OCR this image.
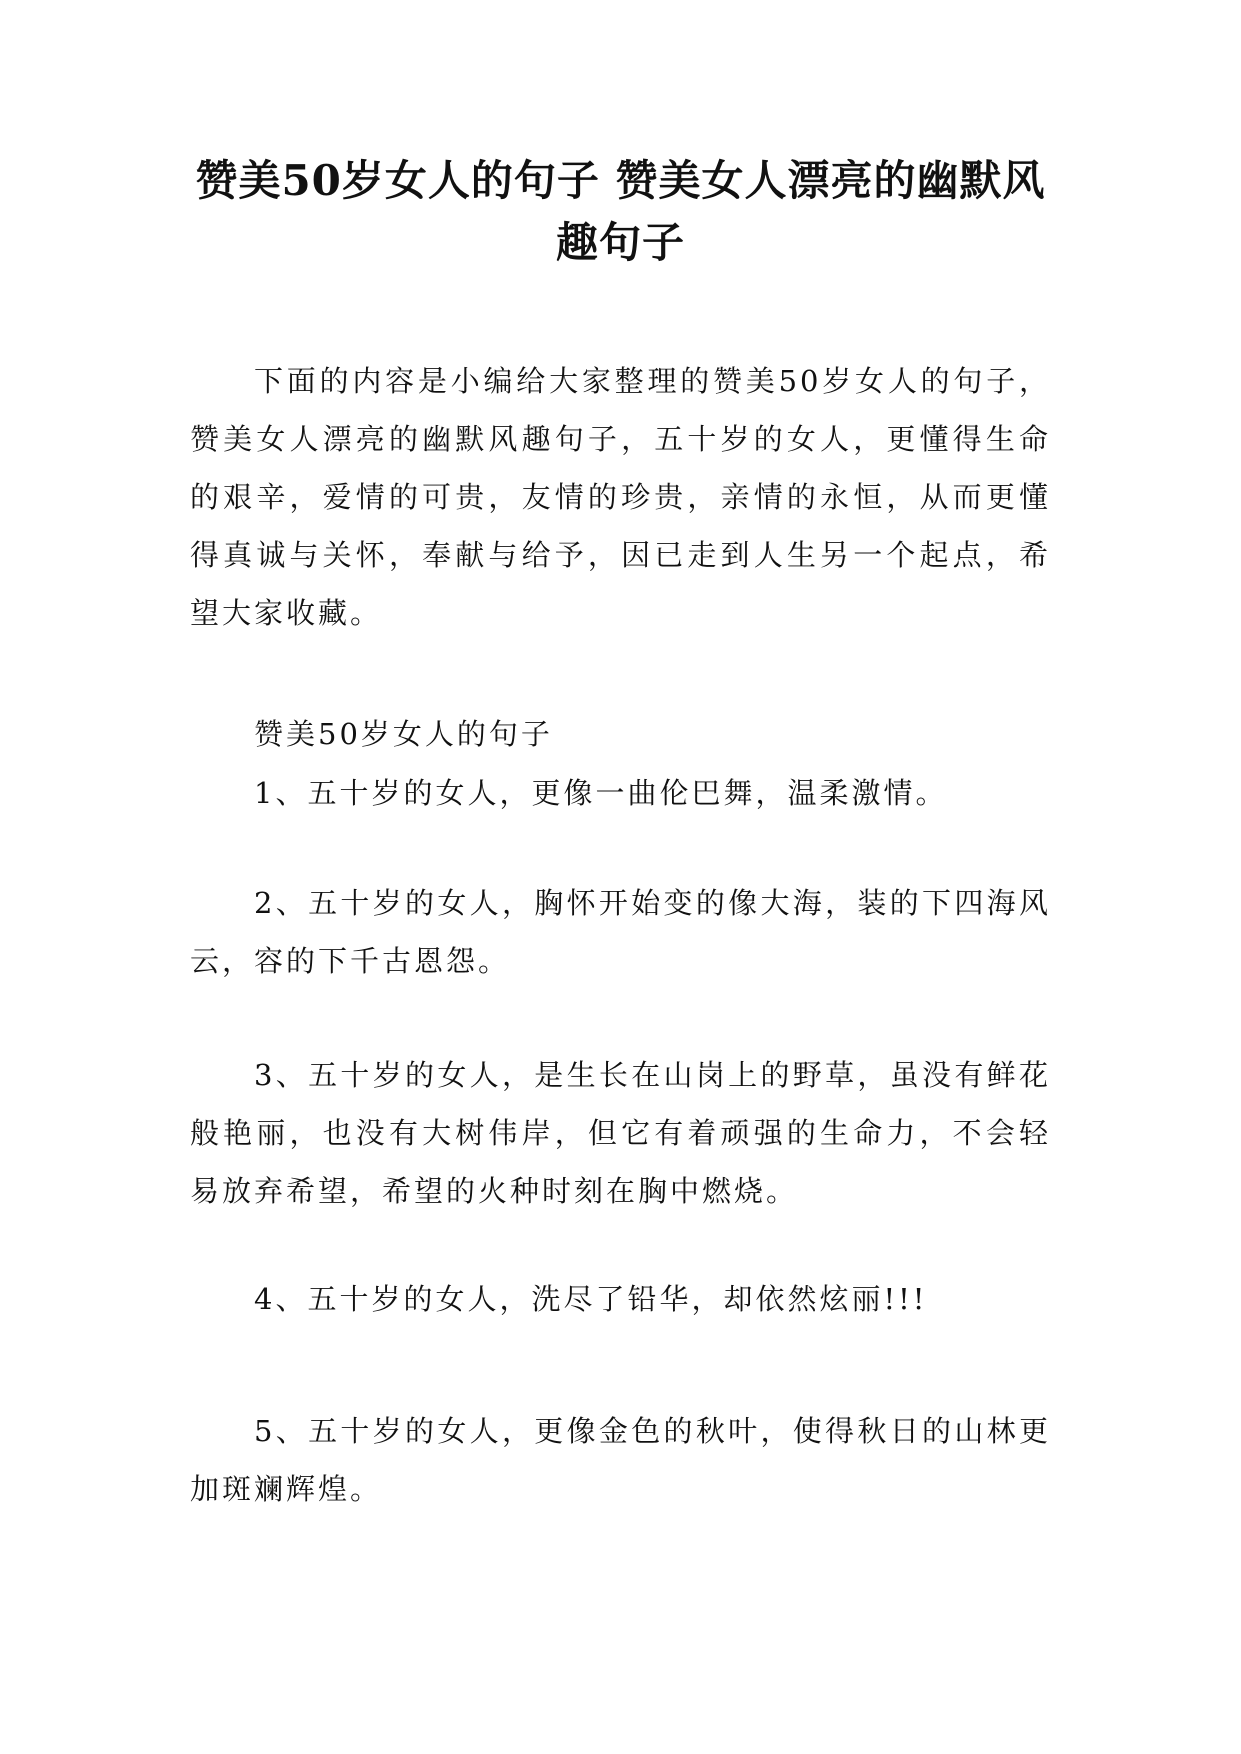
赞美50岁女人的句子 赞美女人漂亮的幽默风趣句子

下面的内容是小编给大家整理的赞美50岁女人的句子，赞美女人漂亮的幽默风趣句子，五十岁的女人，更懂得生命的艰辛，爱情的可贵，友情的珍贵，亲情的永恒，从而更懂得真诚与关怀，奉献与给予，因已走到人生另一个起点，希望大家收藏。

赞美50岁女人的句子

1、五十岁的女人，更像一曲伦巴舞，温柔激情。

2、五十岁的女人，胸怀开始变的像大海，装的下四海风云，容的下千古恩怨。

3、五十岁的女人，是生长在山岗上的野草，虽没有鲜花般艳丽，也没有大树伟岸，但它有着顽强的生命力，不会轻易放弃希望，希望的火种时刻在胸中燃烧。

4、五十岁的女人，洗尽了铅华，却依然炫丽!!!

5、五十岁的女人，更像金色的秋叶，使得秋日的山林更加斑斓辉煌。
